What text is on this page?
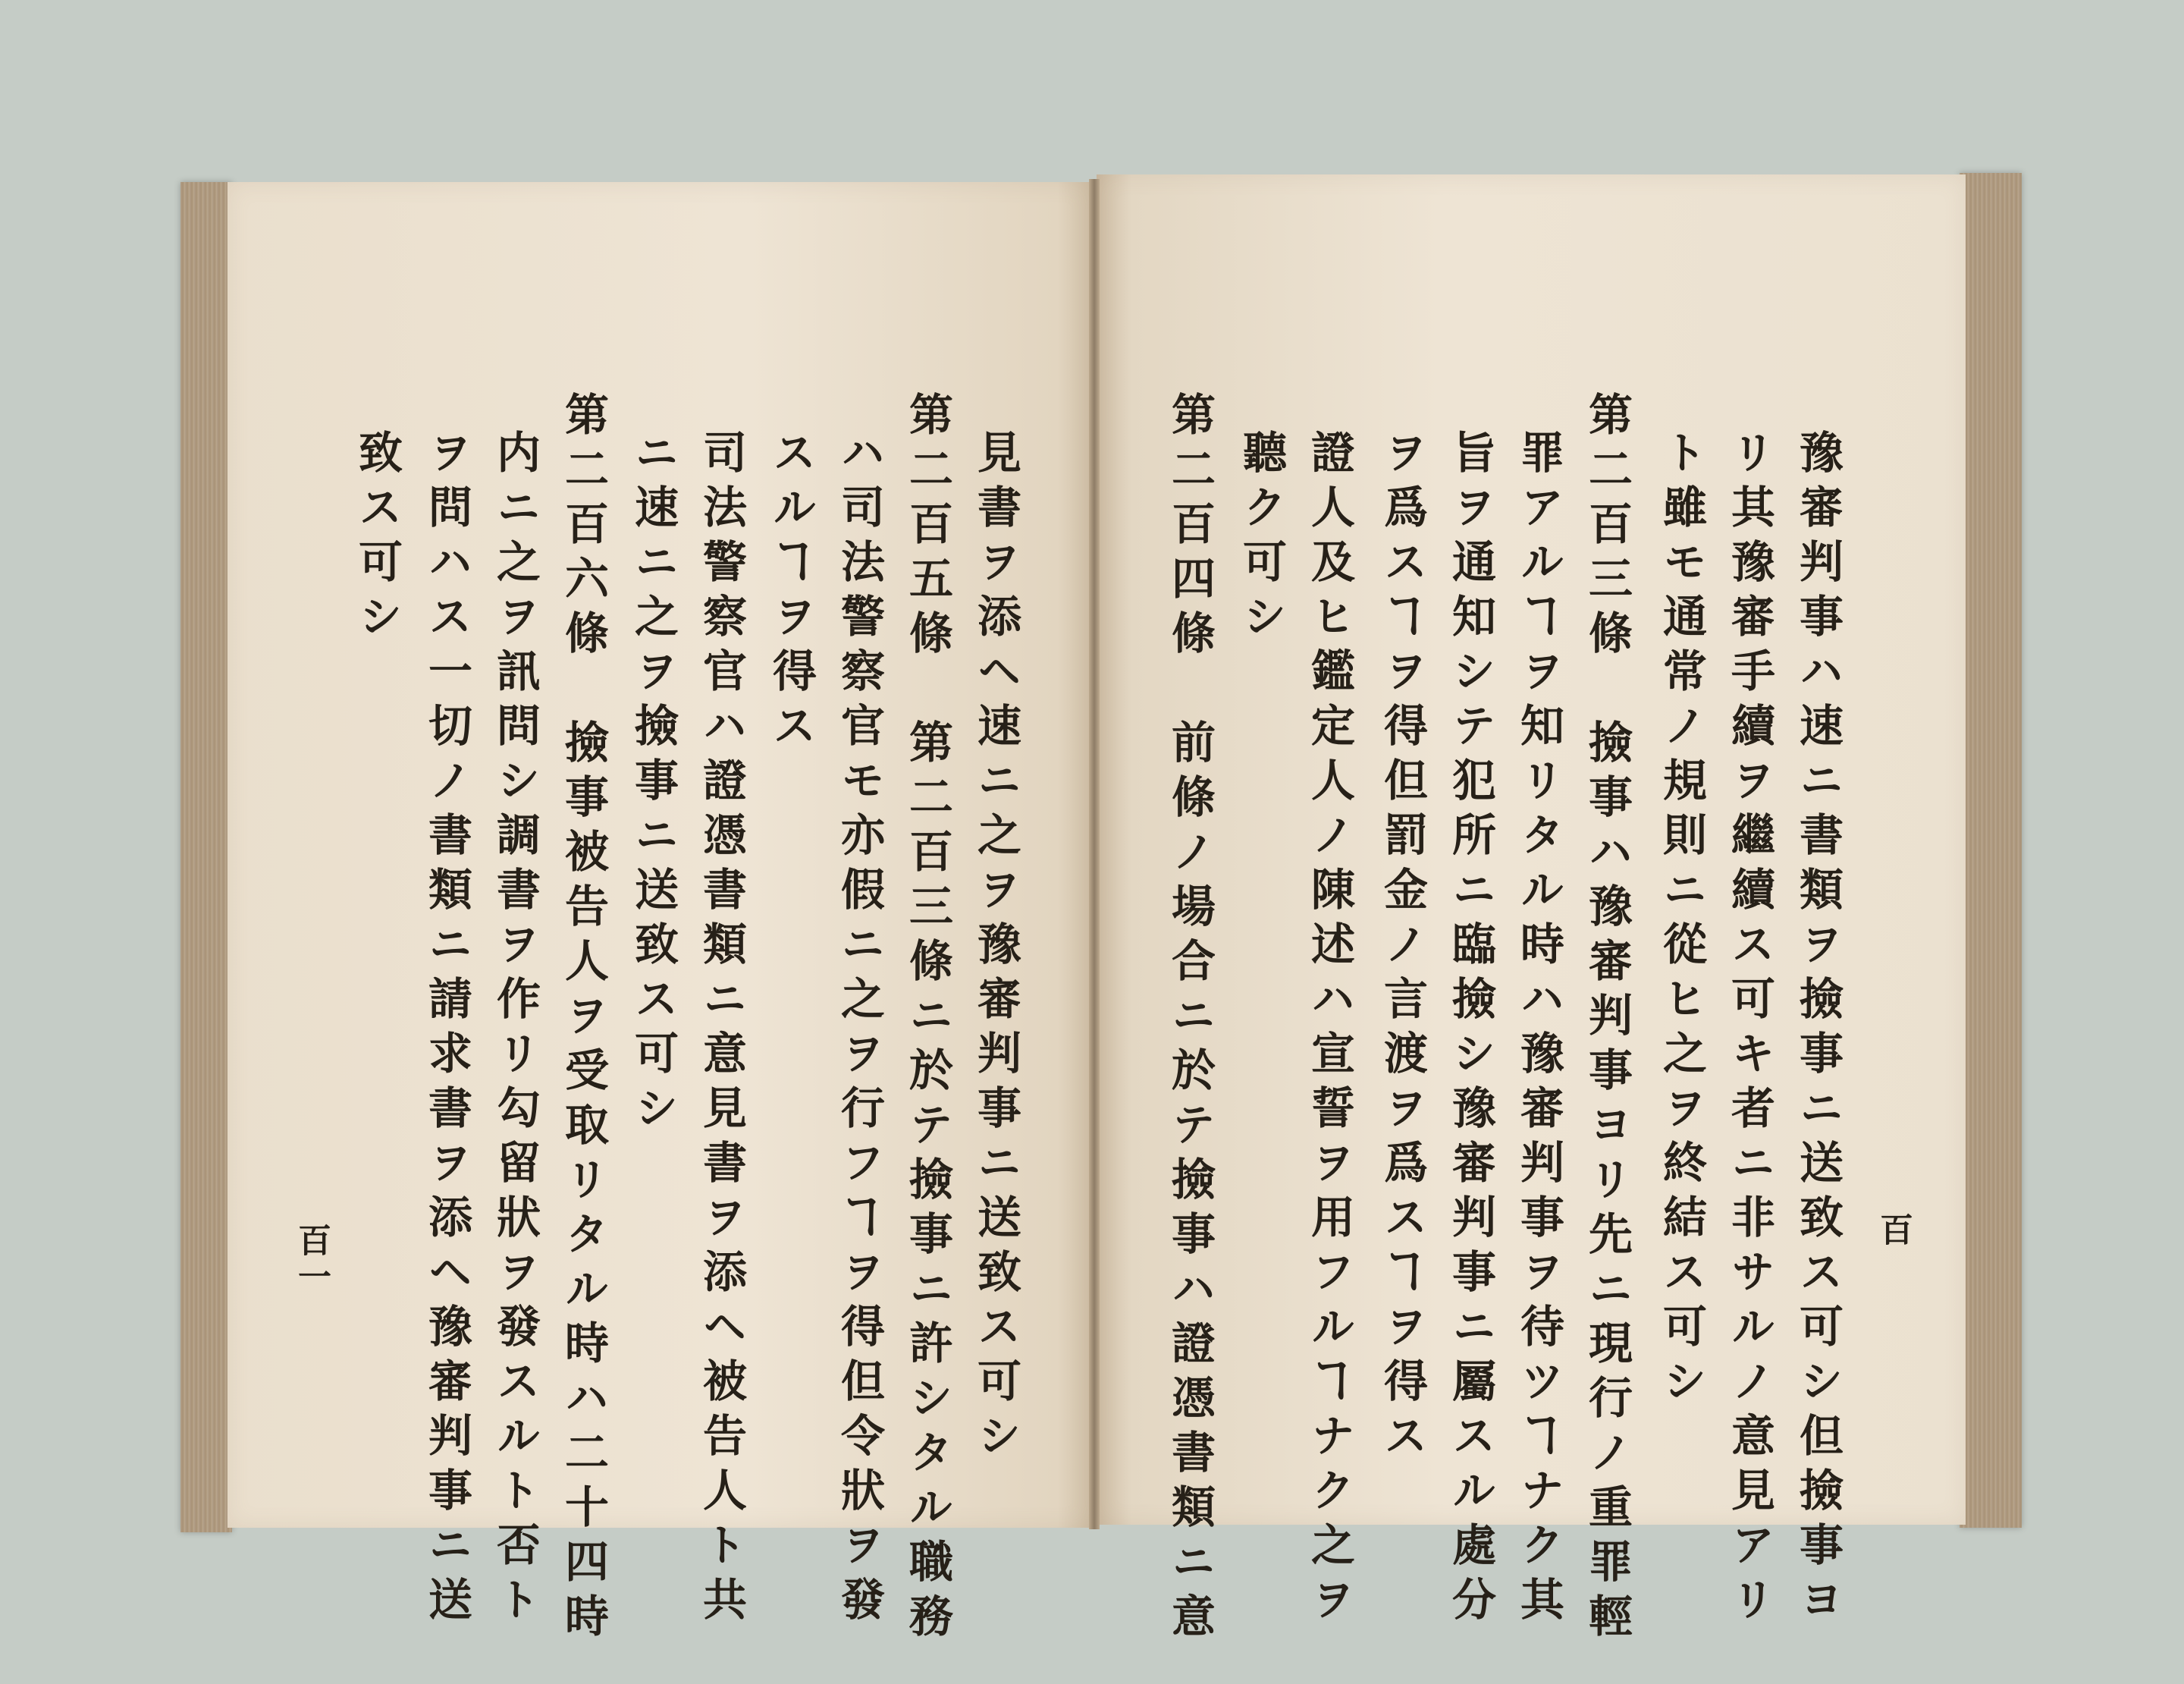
豫審判事ハ速ニ書類ヲ撿事ニ送致ス可シ但撿事ヨ
リ其豫審手續ヲ繼續ス可キ者ニ非サルノ意見アリ
ト雖モ通常ノ規則ニ從ヒ之ヲ終結ス可シ
第二百三條　撿事ハ豫審判事ヨリ先ニ現行ノ重罪輕
罪アルヿヲ知リタル時ハ豫審判事ヲ待ツヿナク其
旨ヲ通知シテ犯所ニ臨撿シ豫審判事ニ屬スル處分
ヲ爲スヿヲ得但罰金ノ言渡ヲ爲スヿヲ得ス
證人及ヒ鑑定人ノ陳述ハ宣誓ヲ用フルヿナク之ヲ
聽ク可シ
第二百四條　前條ノ場合ニ於テ撿事ハ證憑書類ニ意	百
見書ヲ添ヘ速ニ之ヲ豫審判事ニ送致ス可シ
第二百五條　第二百三條ニ於テ撿事ニ許シタル職務
ハ司法警察官モ亦假ニ之ヲ行フヿヲ得但令狀ヲ發
スルヿヲ得ス
司法警察官ハ證憑書類ニ意見書ヲ添ヘ被告人ト共
ニ速ニ之ヲ撿事ニ送致ス可シ
第二百六條　撿事被告人ヲ受取リタル時ハ二十四時
内ニ之ヲ訊問シ調書ヲ作リ勾留狀ヲ發スルト否ト
ヲ問ハス一切ノ書類ニ請求書ヲ添ヘ豫審判事ニ送
致ス可シ
百一
